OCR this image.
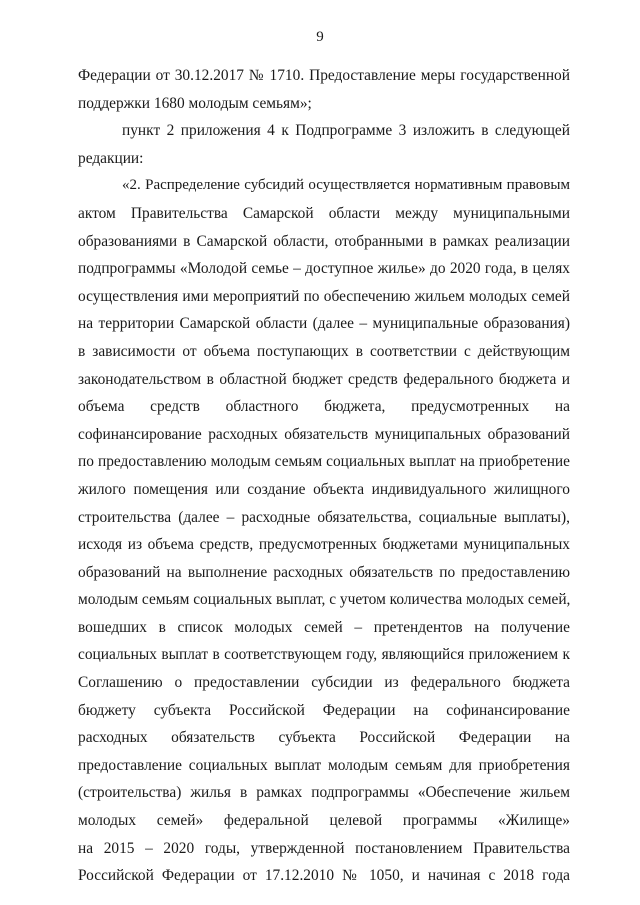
9
Федерации от 30.12.2017 № 1710. Предоставление меры государственной
поддержки 1680 молодым семьям»;
пункт 2 приложения 4 к Подпрограмме 3 изложить в следующей
редакции:
«2. Распределение субсидий осуществляется нормативным правовым
актом Правительства Самарской области между муниципальными
образованиями в Самарской области, отобранными в рамках реализации
подпрограммы «Молодой семье – доступное жилье» до 2020 года, в целях
осуществления ими мероприятий по обеспечению жильем молодых семей
на территории Самарской области (далее – муниципальные образования)
в зависимости от объема поступающих в соответствии с действующим
законодательством в областной бюджет средств федерального бюджета и
объема средств областного бюджета, предусмотренных на
софинансирование расходных обязательств муниципальных образований
по предоставлению молодым семьям социальных выплат на приобретение
жилого помещения или создание объекта индивидуального жилищного
строительства (далее – расходные обязательства, социальные выплаты),
исходя из объема средств, предусмотренных бюджетами муниципальных
образований на выполнение расходных обязательств по предоставлению
молодым семьям социальных выплат, с учетом количества молодых семей,
вошедших в список молодых семей – претендентов на получение
социальных выплат в соответствующем году, являющийся приложением к
Соглашению о предоставлении субсидии из федерального бюджета
бюджету субъекта Российской Федерации на софинансирование
расходных обязательств субъекта Российской Федерации на
предоставление социальных выплат молодым семьям для приобретения
(строительства) жилья в рамках подпрограммы «Обеспечение жильем
молодых семей» федеральной целевой программы «Жилище»
на 2015 – 2020 годы, утвержденной постановлением Правительства
Российской Федерации от 17.12.2010 № 1050, и начиная с 2018 года
